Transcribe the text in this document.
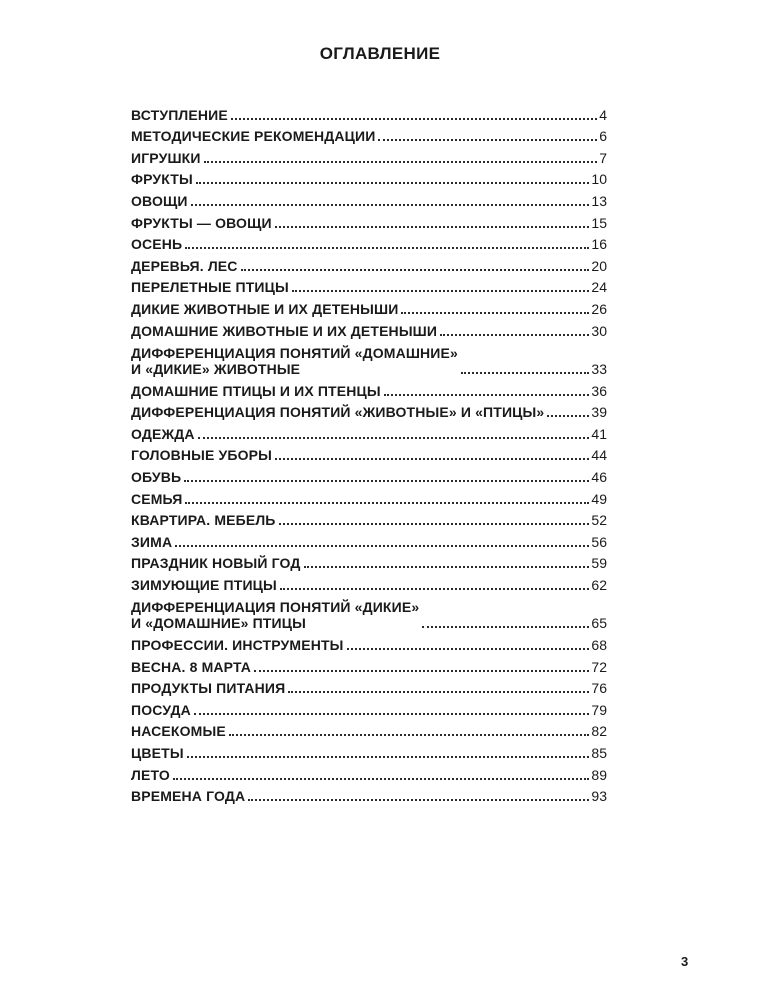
ОГЛАВЛЕНИЕ
ВСТУПЛЕНИЕ	4
МЕТОДИЧЕСКИЕ РЕКОМЕНДАЦИИ	6
ИГРУШКИ	7
ФРУКТЫ	10
ОВОЩИ	13
ФРУКТЫ — ОВОЩИ	15
ОСЕНЬ	16
ДЕРЕВЬЯ. ЛЕС	20
ПЕРЕЛЕТНЫЕ ПТИЦЫ	24
ДИКИЕ ЖИВОТНЫЕ И ИХ ДЕТЕНЫШИ	26
ДОМАШНИЕ ЖИВОТНЫЕ И ИХ ДЕТЕНЫШИ	30
ДИФФЕРЕНЦИАЦИЯ ПОНЯТИЙ «ДОМАШНИЕ»
И «ДИКИЕ» ЖИВОТНЫЕ	33
ДОМАШНИЕ ПТИЦЫ И ИХ ПТЕНЦЫ	36
ДИФФЕРЕНЦИАЦИЯ ПОНЯТИЙ «ЖИВОТНЫЕ» И «ПТИЦЫ»	39
ОДЕЖДА	41
ГОЛОВНЫЕ УБОРЫ	44
ОБУВЬ	46
СЕМЬЯ	49
КВАРТИРА. МЕБЕЛЬ	52
ЗИМА	56
ПРАЗДНИК НОВЫЙ ГОД	59
ЗИМУЮЩИЕ ПТИЦЫ	62
ДИФФЕРЕНЦИАЦИЯ ПОНЯТИЙ «ДИКИЕ»
И «ДОМАШНИЕ» ПТИЦЫ	65
ПРОФЕССИИ. ИНСТРУМЕНТЫ	68
ВЕСНА. 8 МАРТА	72
ПРОДУКТЫ ПИТАНИЯ	76
ПОСУДА	79
НАСЕКОМЫЕ	82
ЦВЕТЫ	85
ЛЕТО	89
ВРЕМЕНА ГОДА	93
3
